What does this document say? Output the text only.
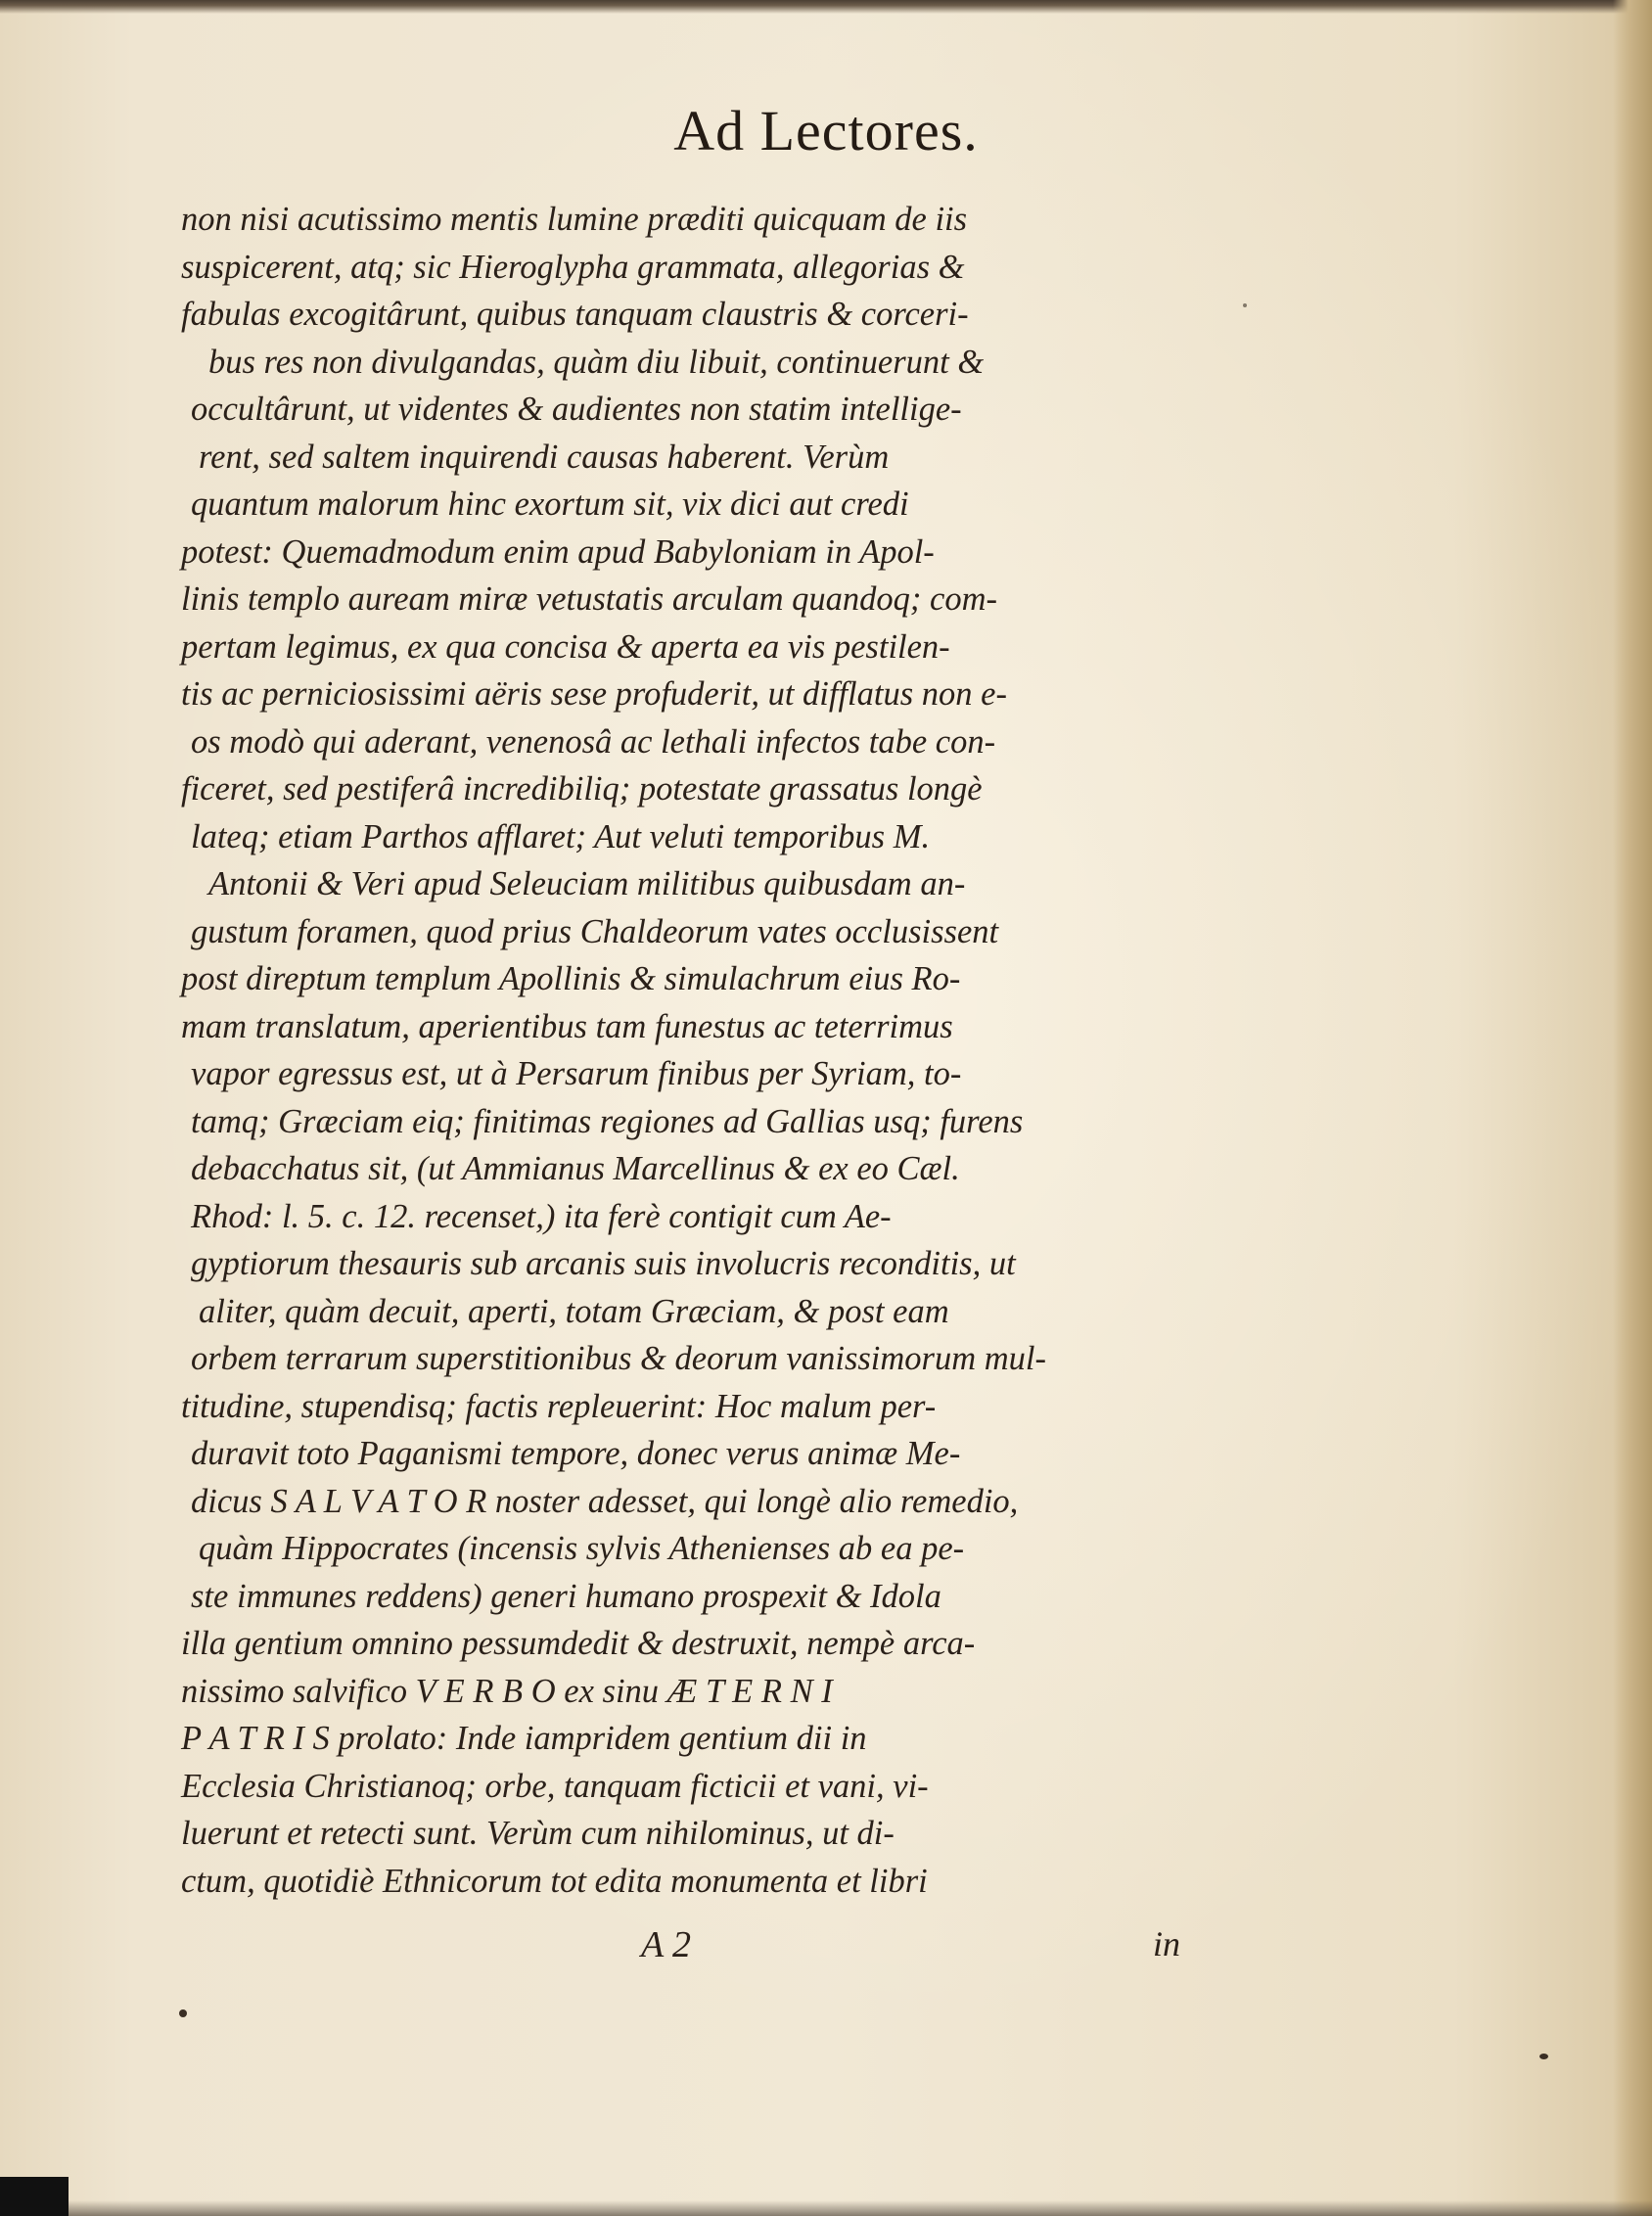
Ad Lectores.
non nisi acutissimo mentis lumine præditi quicquam de iis
suspicerent, atq; sic Hieroglypha grammata, allegorias &
fabulas excogitârunt, quibus tanquam claustris & corceri-
bus res non divulgandas, quàm diu libuit, continuerunt &
occultârunt, ut videntes & audientes non statim intellige-
rent, sed saltem inquirendi causas haberent. Verùm
quantum malorum hinc exortum sit, vix dici aut credi
potest: Quemadmodum enim apud Babyloniam in Apol-
linis templo auream miræ vetustatis arculam quandoq; com-
pertam legimus, ex qua concisa & aperta ea vis pestilen-
tis ac perniciosissimi aëris sese profuderit, ut difflatus non e-
os modò qui aderant, venenosâ ac lethali infectos tabe con-
ficeret, sed pestiferâ incredibiliq; potestate grassatus longè
lateq; etiam Parthos afflaret; Aut veluti temporibus M.
Antonii & Veri apud Seleuciam militibus quibusdam an-
gustum foramen, quod prius Chaldeorum vates occlusissent
post direptum templum Apollinis & simulachrum eius Ro-
mam translatum, aperientibus tam funestus ac teterrimus
vapor egressus est, ut à Persarum finibus per Syriam, to-
tamq; Græciam eiq; finitimas regiones ad Gallias usq; furens
debacchatus sit, (ut Ammianus Marcellinus & ex eo Cæl.
Rhod: l. 5. c. 12. recenset,) ita ferè contigit cum Ae-
gyptiorum thesauris sub arcanis suis involucris reconditis, ut
aliter, quàm decuit, aperti, totam Græciam, & post eam
orbem terrarum superstitionibus & deorum vanissimorum mul-
titudine, stupendisq; factis repleuerint: Hoc malum per-
duravit toto Paganismi tempore, donec verus animæ Me-
dicus S A L V A T O R noster adesset, qui longè alio remedio,
quàm Hippocrates (incensis sylvis Athenienses ab ea pe-
ste immunes reddens) generi humano prospexit & Idola
illa gentium omnino pessumdedit & destruxit, nempè arca-
nissimo salvifico V E R B O ex sinu Æ T E R N I
P A T R I S prolato: Inde iampridem gentium dii in
Ecclesia Christianoq; orbe, tanquam ficticii et vani, vi-
luerunt et retecti sunt. Verùm cum nihilominus, ut di-
ctum, quotidiè Ethnicorum tot edita monumenta et libri
A 2	in
